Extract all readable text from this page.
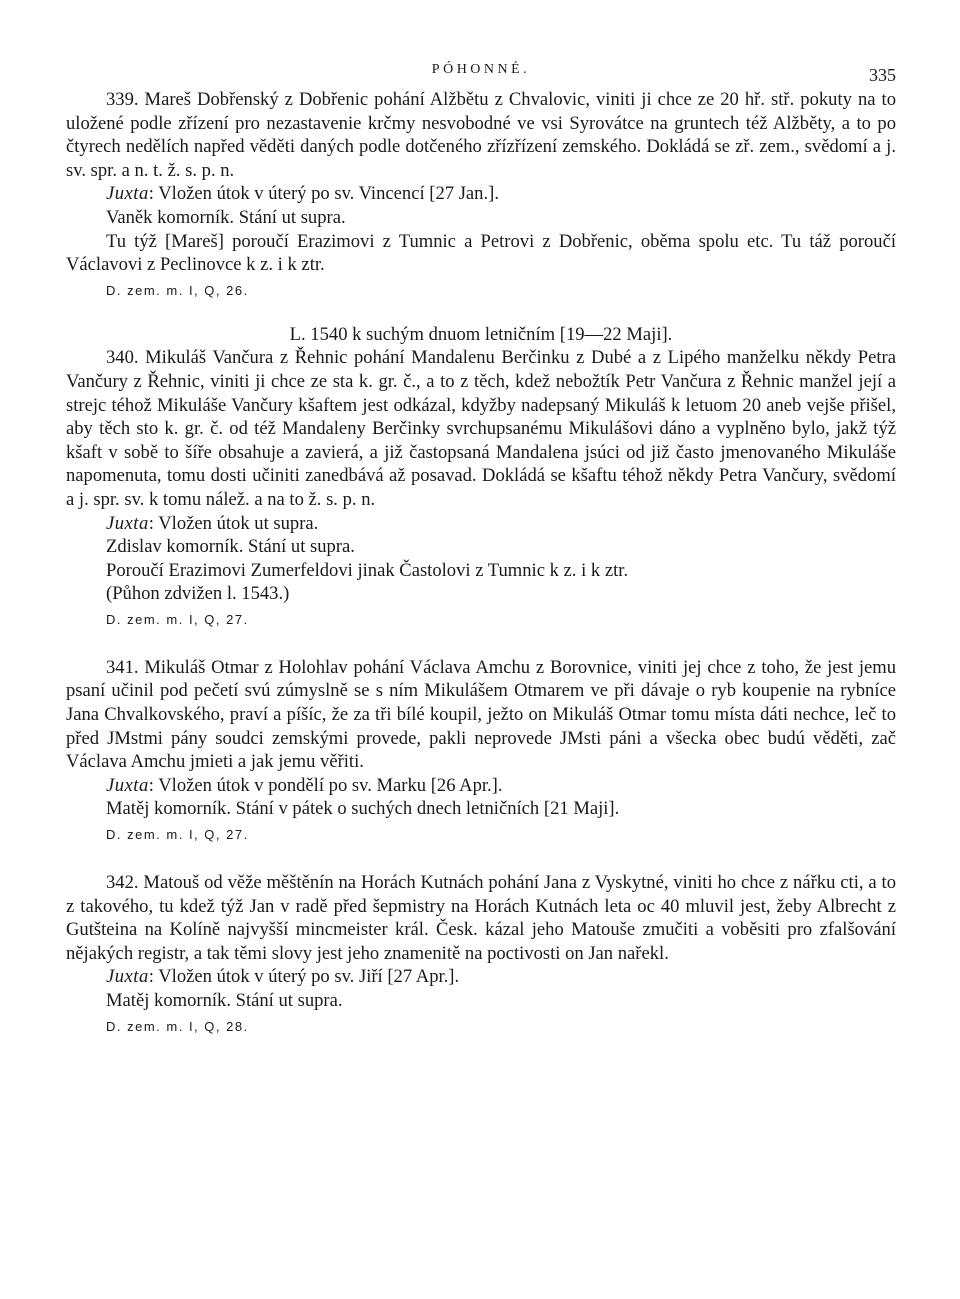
PÓHONNÉ.	335

339. Mareš Dobřenský z Dobřenic pohání Alžbětu z Chvalovic, viniti ji chce ze 20 hř. stř. pokuty na to uložené podle zřízení pro nezastavenie krčmy nesvobodné ve vsi Syrovátce na gruntech též Alžběty, a to po čtyrech nedělích napřed věděti daných podle dotčeného zřízřízení zemského. Dokládá se zř. zem., svědomí a j. sv. spr. a n. t. ž. s. p. n.

Juxta: Vložen útok v úterý po sv. Vincencí [27 Jan.].

Vaněk komorník. Stání ut supra.

Tu týž [Mareš] poroučí Erazimovi z Tumnic a Petrovi z Dobřenic, oběma spolu etc. Tu táž poroučí Václavovi z Peclinovce k z. i k ztr.

D. zem. m. I, Q, 26.

L. 1540 k suchým dnuom letničním [19—22 Maji].

340. Mikuláš Vančura z Řehnic pohání Mandalenu Berčinku z Dubé a z Lipého manželku někdy Petra Vančury z Řehnic, viniti ji chce ze sta k. gr. č., a to z těch, kdež nebožtík Petr Vančura z Řehnic manžel její a strejc téhož Mikuláše Vančury kšaftem jest odkázal, kdyžby nadepsaný Mikuláš k letuom 20 aneb vejše přišel, aby těch sto k. gr. č. od též Mandaleny Berčinky svrchupsanému Mikulášovi dáno a vyplněno bylo, jakž týž kšaft v sobě to šíře obsahuje a zavierá, a již častopsaná Mandalena jsúci od již často jmenovaného Mikuláše napomenuta, tomu dosti učiniti zanedbává až posavad. Dokládá se kšaftu téhož někdy Petra Vančury, svědomí a j. spr. sv. k tomu nálež. a na to ž. s. p. n.

Juxta: Vložen útok ut supra.

Zdislav komorník. Stání ut supra.

Poroučí Erazimovi Zumerfeldovi jinak Častolovi z Tumnic k z. i k ztr.

(Půhon zdvižen l. 1543.)

D. zem. m. I, Q, 27.

341. Mikuláš Otmar z Holohlav pohání Václava Amchu z Borovnice, viniti jej chce z toho, že jest jemu psaní učinil pod pečetí svú zúmyslně se s ním Mikulášem Otmarem ve při dávaje o ryb koupenie na rybníce Jana Chvalkovského, praví a píšíc, že za tři bílé koupil, ježto on Mikuláš Otmar tomu místa dáti nechce, leč to před JMstmi pány soudci zemskými provede, pakli neprovede JMsti páni a všecka obec budú věděti, zač Václava Amchu jmieti a jak jemu věřiti.

Juxta: Vložen útok v pondělí po sv. Marku [26 Apr.].

Matěj komorník. Stání v pátek o suchých dnech letničních [21 Maji].

D. zem. m. I, Q, 27.

342. Matouš od věže měštěnín na Horách Kutnách pohání Jana z Vyskytné, viniti ho chce z nářku cti, a to z takového, tu kdež týž Jan v radě před šepmistry na Horách Kutnách leta oc 40 mluvil jest, žeby Albrecht z Gutšteina na Kolíně najvyšší mincmeister král. Česk. kázal jeho Matouše zmučiti a voběsiti pro zfalšování nějakých registr, a tak těmi slovy jest jeho znamenitě na poctivosti on Jan nařekl.

Juxta: Vložen útok v úterý po sv. Jiří [27 Apr.].

Matěj komorník. Stání ut supra.

D. zem. m. I, Q, 28.
